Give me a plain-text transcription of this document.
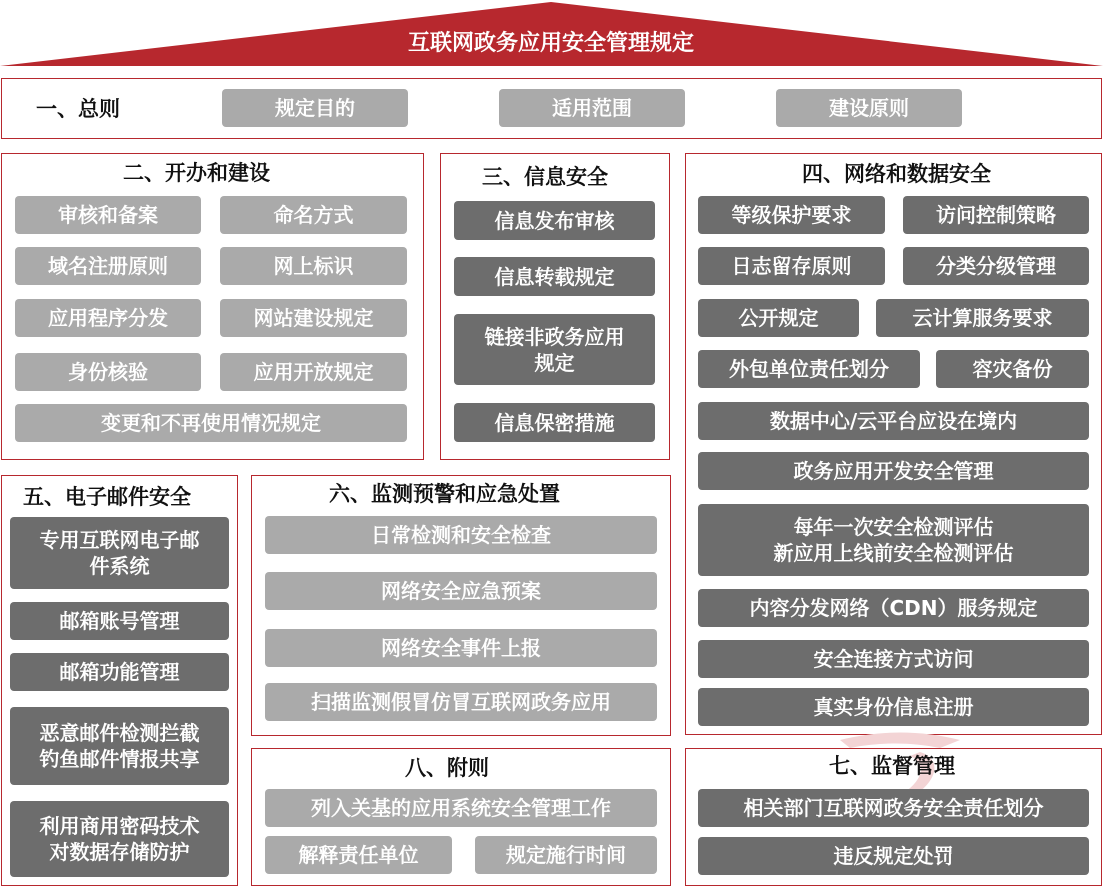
互联网政务应用安全管理规定
一、总则	规定目的	适用范围	建设原则
二、开办和建设
审核和备案	命名方式
域名注册原则	网上标识
应用程序分发	网站建设规定
身份核验	应用开放规定
变更和不再使用情况规定
三、信息安全
信息发布审核
信息转载规定
链接非政务应用
规定
信息保密措施
四、网络和数据安全
等级保护要求	访问控制策略
日志留存原则	分类分级管理
公开规定	云计算服务要求
外包单位责任划分	容灾备份
数据中心/云平台应设在境内
政务应用开发安全管理
每年一次安全检测评估
新应用上线前安全检测评估
内容分发网络（CDN）服务规定
安全连接方式访问
真实身份信息注册
五、电子邮件安全
专用互联网电子邮
件系统
邮箱账号管理
邮箱功能管理
恶意邮件检测拦截
钓鱼邮件情报共享
利用商用密码技术
对数据存储防护
六、监测预警和应急处置
日常检测和安全检查
网络安全应急预案
网络安全事件上报
扫描监测假冒仿冒互联网政务应用
八、附则
列入关基的应用系统安全管理工作
解释责任单位	规定施行时间
七、监督管理
相关部门互联网政务安全责任划分
违反规定处罚
